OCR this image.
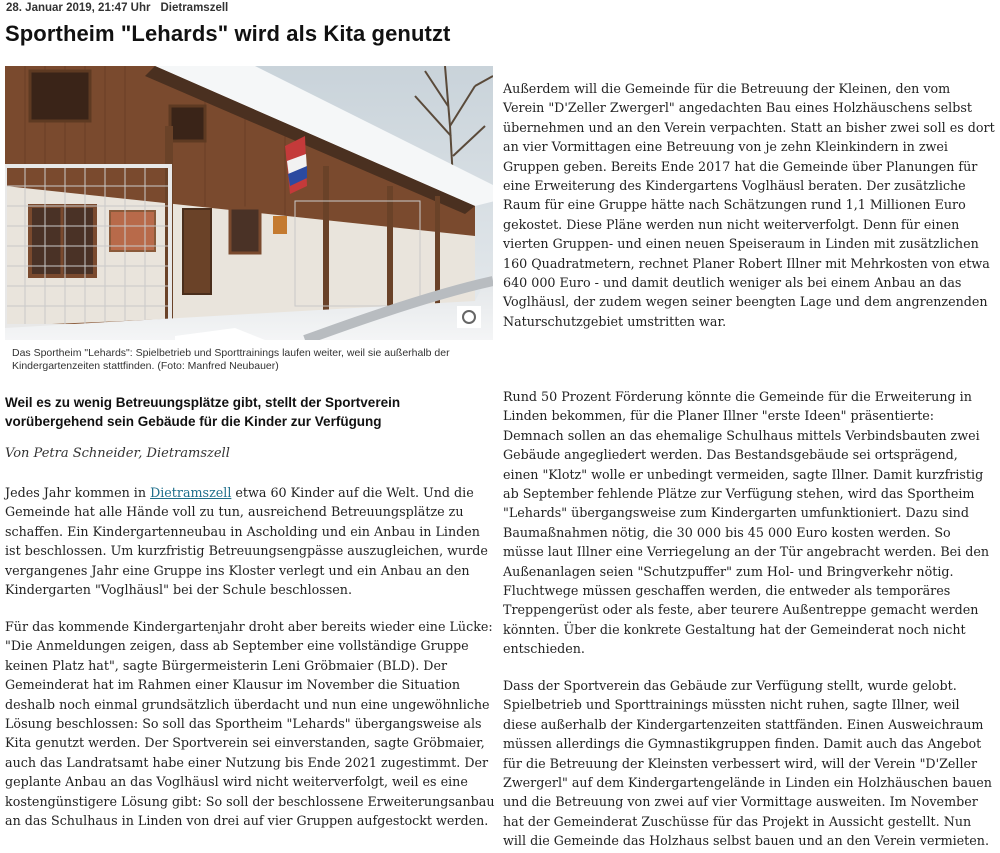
28. Januar 2019, 21:47 Uhr Dietramszell
Sportheim "Lehards" wird als Kita genutzt

Das Sportheim "Lehards": Spielbetrieb und Sporttrainings laufen weiter, weil sie außerhalb der Kindergartenzeiten stattfinden. (Foto: Manfred Neubauer)

Weil es zu wenig Betreuungsplätze gibt, stellt der Sportverein vorübergehend sein Gebäude für die Kinder zur Verfügung

Von Petra Schneider, Dietramszell

Jedes Jahr kommen in Dietramszell etwa 60 Kinder auf die Welt. Und die Gemeinde hat alle Hände voll zu tun, ausreichend Betreuungsplätze zu schaffen. Ein Kindergartenneubau in Ascholding und ein Anbau in Linden ist beschlossen. Um kurzfristig Betreuungsengpässe auszugleichen, wurde vergangenes Jahr eine Gruppe ins Kloster verlegt und ein Anbau an den Kindergarten "Voglhäusl" bei der Schule beschlossen.

Für das kommende Kindergartenjahr droht aber bereits wieder eine Lücke: "Die Anmeldungen zeigen, dass ab September eine vollständige Gruppe keinen Platz hat", sagte Bürgermeisterin Leni Gröbmaier (BLD). Der Gemeinderat hat im Rahmen einer Klausur im November die Situation deshalb noch einmal grundsätzlich überdacht und nun eine ungewöhnliche Lösung beschlossen: So soll das Sportheim "Lehards" übergangsweise als Kita genutzt werden. Der Sportverein sei einverstanden, sagte Gröbmaier, auch das Landratsamt habe einer Nutzung bis Ende 2021 zugestimmt. Der geplante Anbau an das Voglhäusl wird nicht weiterverfolgt, weil es eine kostengünstigere Lösung gibt: So soll der beschlossene Erweiterungsanbau an das Schulhaus in Linden von drei auf vier Gruppen aufgestockt werden.

Außerdem will die Gemeinde für die Betreuung der Kleinen, den vom Verein "D'Zeller Zwergerl" angedachten Bau eines Holzhäuschens selbst übernehmen und an den Verein verpachten. Statt an bisher zwei soll es dort an vier Vormittagen eine Betreuung von je zehn Kleinkindern in zwei Gruppen geben. Bereits Ende 2017 hat die Gemeinde über Planungen für eine Erweiterung des Kindergartens Voglhäusl beraten. Der zusätzliche Raum für eine Gruppe hätte nach Schätzungen rund 1,1 Millionen Euro gekostet. Diese Pläne werden nun nicht weiterverfolgt. Denn für einen vierten Gruppen- und einen neuen Speiseraum in Linden mit zusätzlichen 160 Quadratmetern, rechnet Planer Robert Illner mit Mehrkosten von etwa 640 000 Euro - und damit deutlich weniger als bei einem Anbau an das Voglhäusl, der zudem wegen seiner beengten Lage und dem angrenzenden Naturschutzgebiet umstritten war.

Rund 50 Prozent Förderung könnte die Gemeinde für die Erweiterung in Linden bekommen, für die Planer Illner "erste Ideen" präsentierte: Demnach sollen an das ehemalige Schulhaus mittels Verbindsbauten zwei Gebäude angegliedert werden. Das Bestandsgebäude sei ortsprägend, einen "Klotz" wolle er unbedingt vermeiden, sagte Illner. Damit kurzfristig ab September fehlende Plätze zur Verfügung stehen, wird das Sportheim "Lehards" übergangsweise zum Kindergarten umfunktioniert. Dazu sind Baumaßnahmen nötig, die 30 000 bis 45 000 Euro kosten werden. So müsse laut Illner eine Verriegelung an der Tür angebracht werden. Bei den Außenanlagen seien "Schutzpuffer" zum Hol- und Bringverkehr nötig. Fluchtwege müssen geschaffen werden, die entweder als temporäres Treppengerüst oder als feste, aber teurere Außentreppe gemacht werden könnten. Über die konkrete Gestaltung hat der Gemeinderat noch nicht entschieden.

Dass der Sportverein das Gebäude zur Verfügung stellt, wurde gelobt. Spielbetrieb und Sporttrainings müssten nicht ruhen, sagte Illner, weil diese außerhalb der Kindergartenzeiten stattfänden. Einen Ausweichraum müssen allerdings die Gymnastikgruppen finden. Damit auch das Angebot für die Betreuung der Kleinsten verbessert wird, will der Verein "D'Zeller Zwergerl" auf dem Kindergartengelände in Linden ein Holzhäuschen bauen und die Betreuung von zwei auf vier Vormittage ausweiten. Im November hat der Gemeinderat Zuschüsse für das Projekt in Aussicht gestellt. Nun will die Gemeinde das Holzhaus selbst bauen und an den Verein vermieten.
